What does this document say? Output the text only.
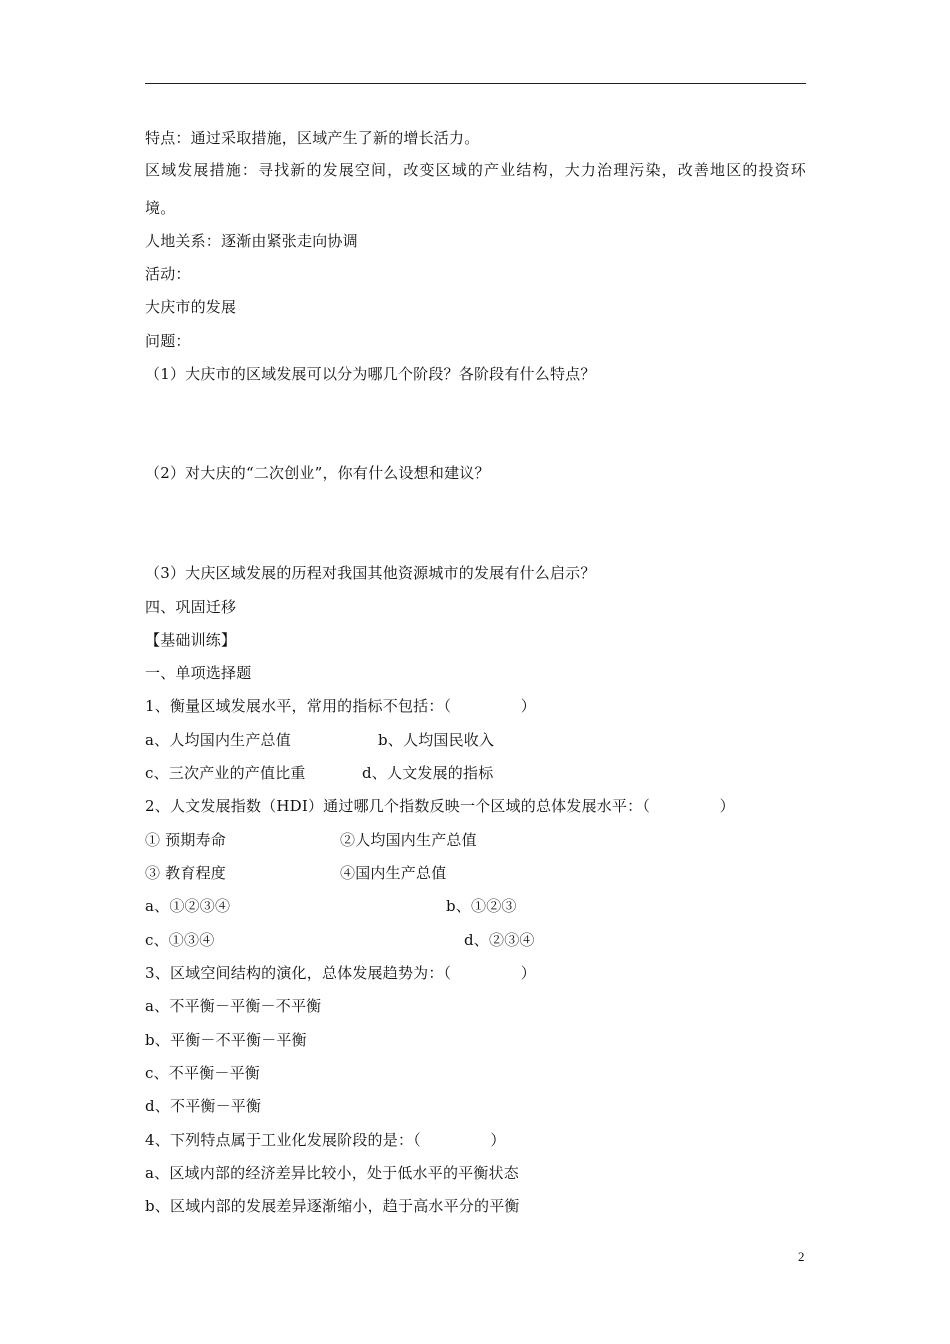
特点：通过采取措施，区域产生了新的增长活力。
区域发展措施：寻找新的发展空间，改变区域的产业结构，大力治理污染，改善地区的投资环
境。
人地关系：逐渐由紧张走向协调
活动：
大庆市的发展
问题：
（1）大庆市的区域发展可以分为哪几个阶段？各阶段有什么特点？
（2）对大庆的“二次创业”，你有什么设想和建议？
（3）大庆区域发展的历程对我国其他资源城市的发展有什么启示？
四、巩固迁移
【基础训练】
一、单项选择题
1、衡量区域发展水平，常用的指标不包括：（              ）
a、人均国内生产总值	b、人均国民收入
c、三次产业的产值比重	d、人文发展的指标
2、人文发展指数（HDI）通过哪几个指数反映一个区域的总体发展水平：（              ）
① 预期寿命	②人均国内生产总值
③ 教育程度	④国内生产总值
a、①②③④	b、①②③
c、①③④	d、②③④
3、区域空间结构的演化，总体发展趋势为：（              ）
a、不平衡－平衡－不平衡
b、平衡－不平衡－平衡
c、不平衡－平衡
d、不平衡－平衡
4、下列特点属于工业化发展阶段的是：（              ）
a、区域内部的经济差异比较小，处于低水平的平衡状态
b、区域内部的发展差异逐渐缩小，趋于高水平分的平衡
2
